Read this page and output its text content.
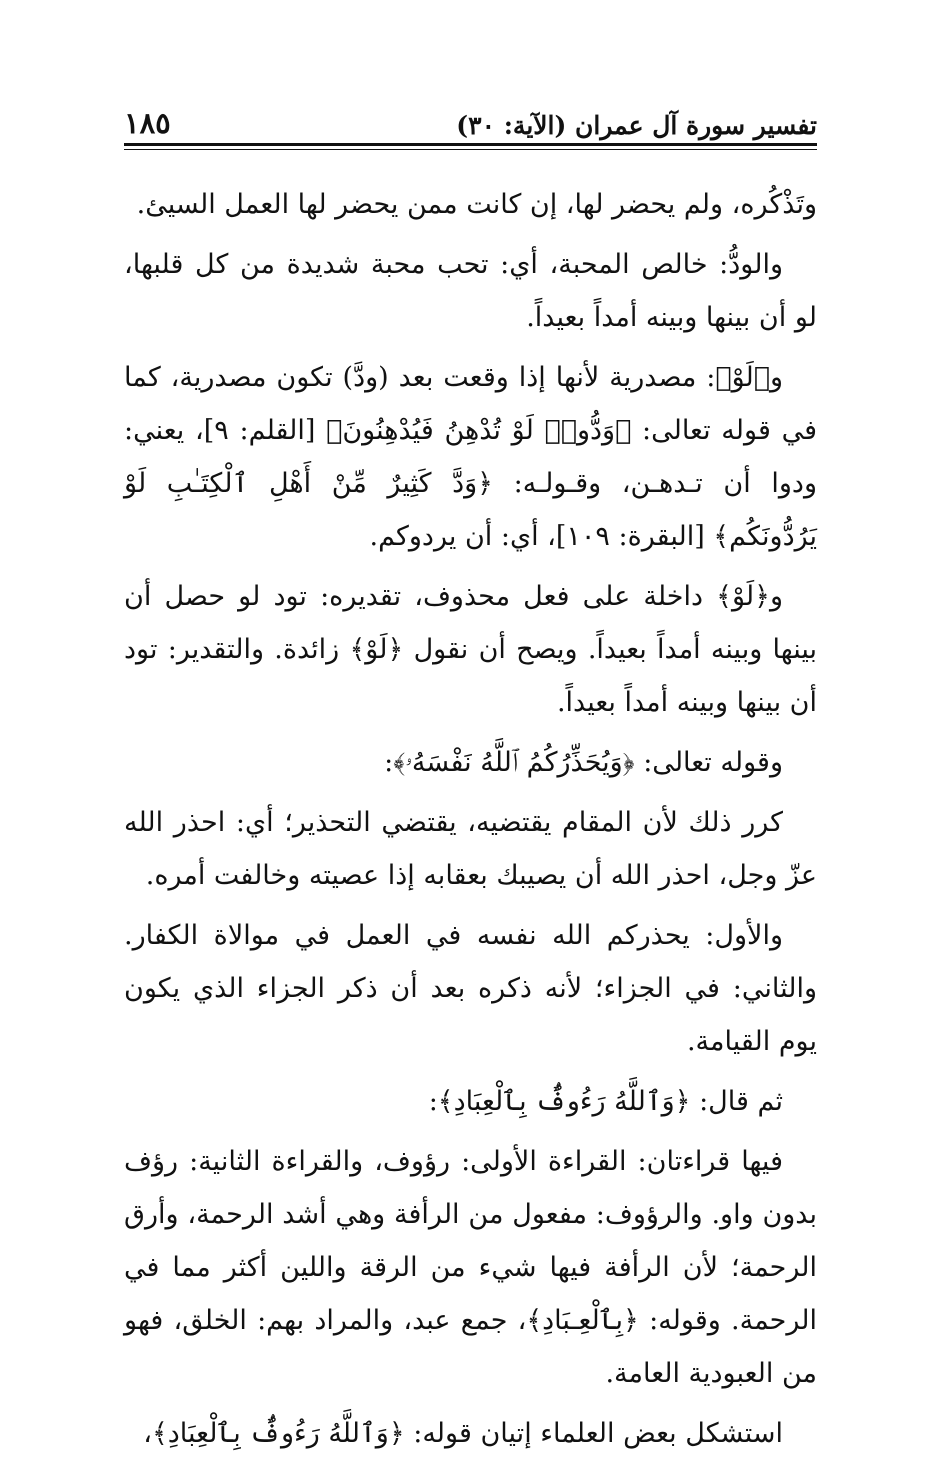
تفسير سورة آل عمران (الآية: ٣٠)
١٨٥

وتَذْكُره، ولم يحضر لها، إن كانت ممن يحضر لها العمل السيئ.

والودُّ: خالص المحبة، أي: تحب محبة شديدة من كل قلبها، لو أن بينها وبينه أمداً بعيداً.

و﴿لَوْ﴾: مصدرية لأنها إذا وقعت بعد (ودَّ) تكون مصدرية، كما في قوله تعالى: ﴿وَدُّوا۟ لَوْ تُدْهِنُ فَيُدْهِنُونَ﴾ [القلم: ٩]، يعني: ودوا أن تـدهـن، وقـولـه: ﴿وَدَّ كَثِيرٌ مِّنْ أَهْلِ ٱلْكِتَـٰبِ لَوْ يَرُدُّونَكُم﴾ [البقرة: ١٠٩]، أي: أن يردوكم.

و﴿لَوْ﴾ داخلة على فعل محذوف، تقديره: تود لو حصل أن بينها وبينه أمداً بعيداً. ويصح أن نقول ﴿لَوْ﴾ زائدة. والتقدير: تود أن بينها وبينه أمداً بعيداً.

وقوله تعالى: ﴿وَيُحَذِّرُكُمُ ٱللَّهُ نَفْسَهُۥ﴾:

كرر ذلك لأن المقام يقتضيه، يقتضي التحذير؛ أي: احذر الله عزّ وجل، احذر الله أن يصيبك بعقابه إذا عصيته وخالفت أمره.

والأول: يحذركم الله نفسه في العمل في موالاة الكفار. والثاني: في الجزاء؛ لأنه ذكره بعد أن ذكر الجزاء الذي يكون يوم القيامة.

ثم قال: ﴿وَٱللَّهُ رَءُوفٌۢ بِٱلْعِبَادِ﴾:

فيها قراءتان: القراءة الأولى: رؤوف، والقراءة الثانية: رؤف بدون واو. والرؤوف: مفعول من الرأفة وهي أشد الرحمة، وأرق الرحمة؛ لأن الرأفة فيها شيء من الرقة واللين أكثر مما في الرحمة. وقوله: ﴿بِٱلْعِـبَادِ﴾، جمع عبد، والمراد بهم: الخلق، فهو من العبودية العامة.

استشكل بعض العلماء إتيان قوله: ﴿وَٱللَّهُ رَءُوفٌۢ بِٱلْعِبَادِ﴾،
